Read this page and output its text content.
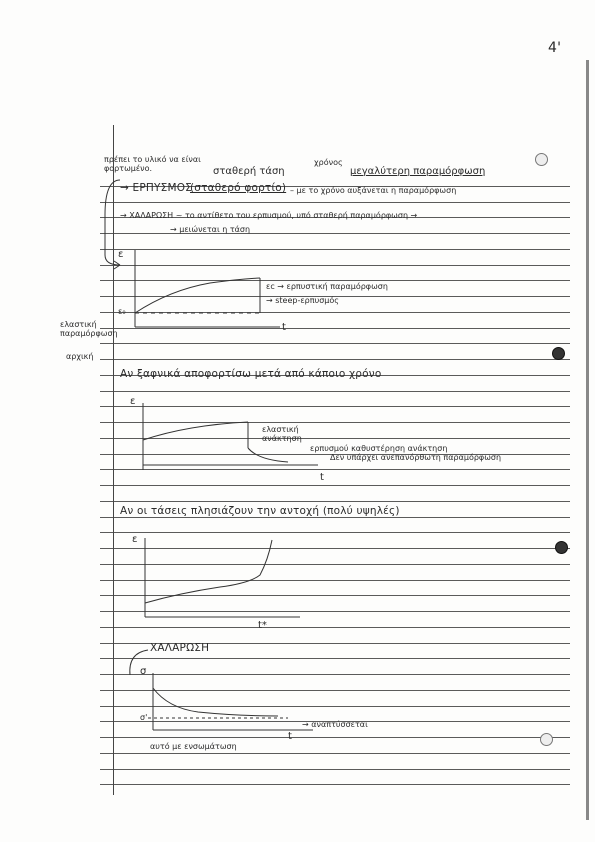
4'
πρέπει το υλικό να είναι φορτωμένο.	σταθερή τάση
χρόνος
μεγαλύτερη παραμόρφωση
→ ΕΡΠΥΣΜΟΣ
(σταθερό φορτίο) – με το χρόνο αυξάνεται η παραμόρφωση
→ ΧΑΛΑΡΩΣΗ ~ το αντίθετο του ερπυσμού, υπό σταθερή παραμόρφωση →
→ μειώνεται η τάση
ε
ε₀
t
εc → ερπυστική παραμόρφωση
→ steep-ερπυσμός
ελαστική παραμόρφωση
αρχική
Αν ξαφνικά αποφορτίσω μετά από κάποιο χρόνο
ε
t
ελαστική ανάκτηση
ερπυσμού καθυστέρηση ανάκτηση
Δεν υπάρχει ανεπανόρθωτη παραμόρφωση
Αν οι τάσεις πλησιάζουν την αντοχή (πολύ υψηλές)
ε
t*
ΧΑΛΑΡΩΣΗ
σ
σ'
→ αναπτύσσεται
t
αυτό με ενσωμάτωση
